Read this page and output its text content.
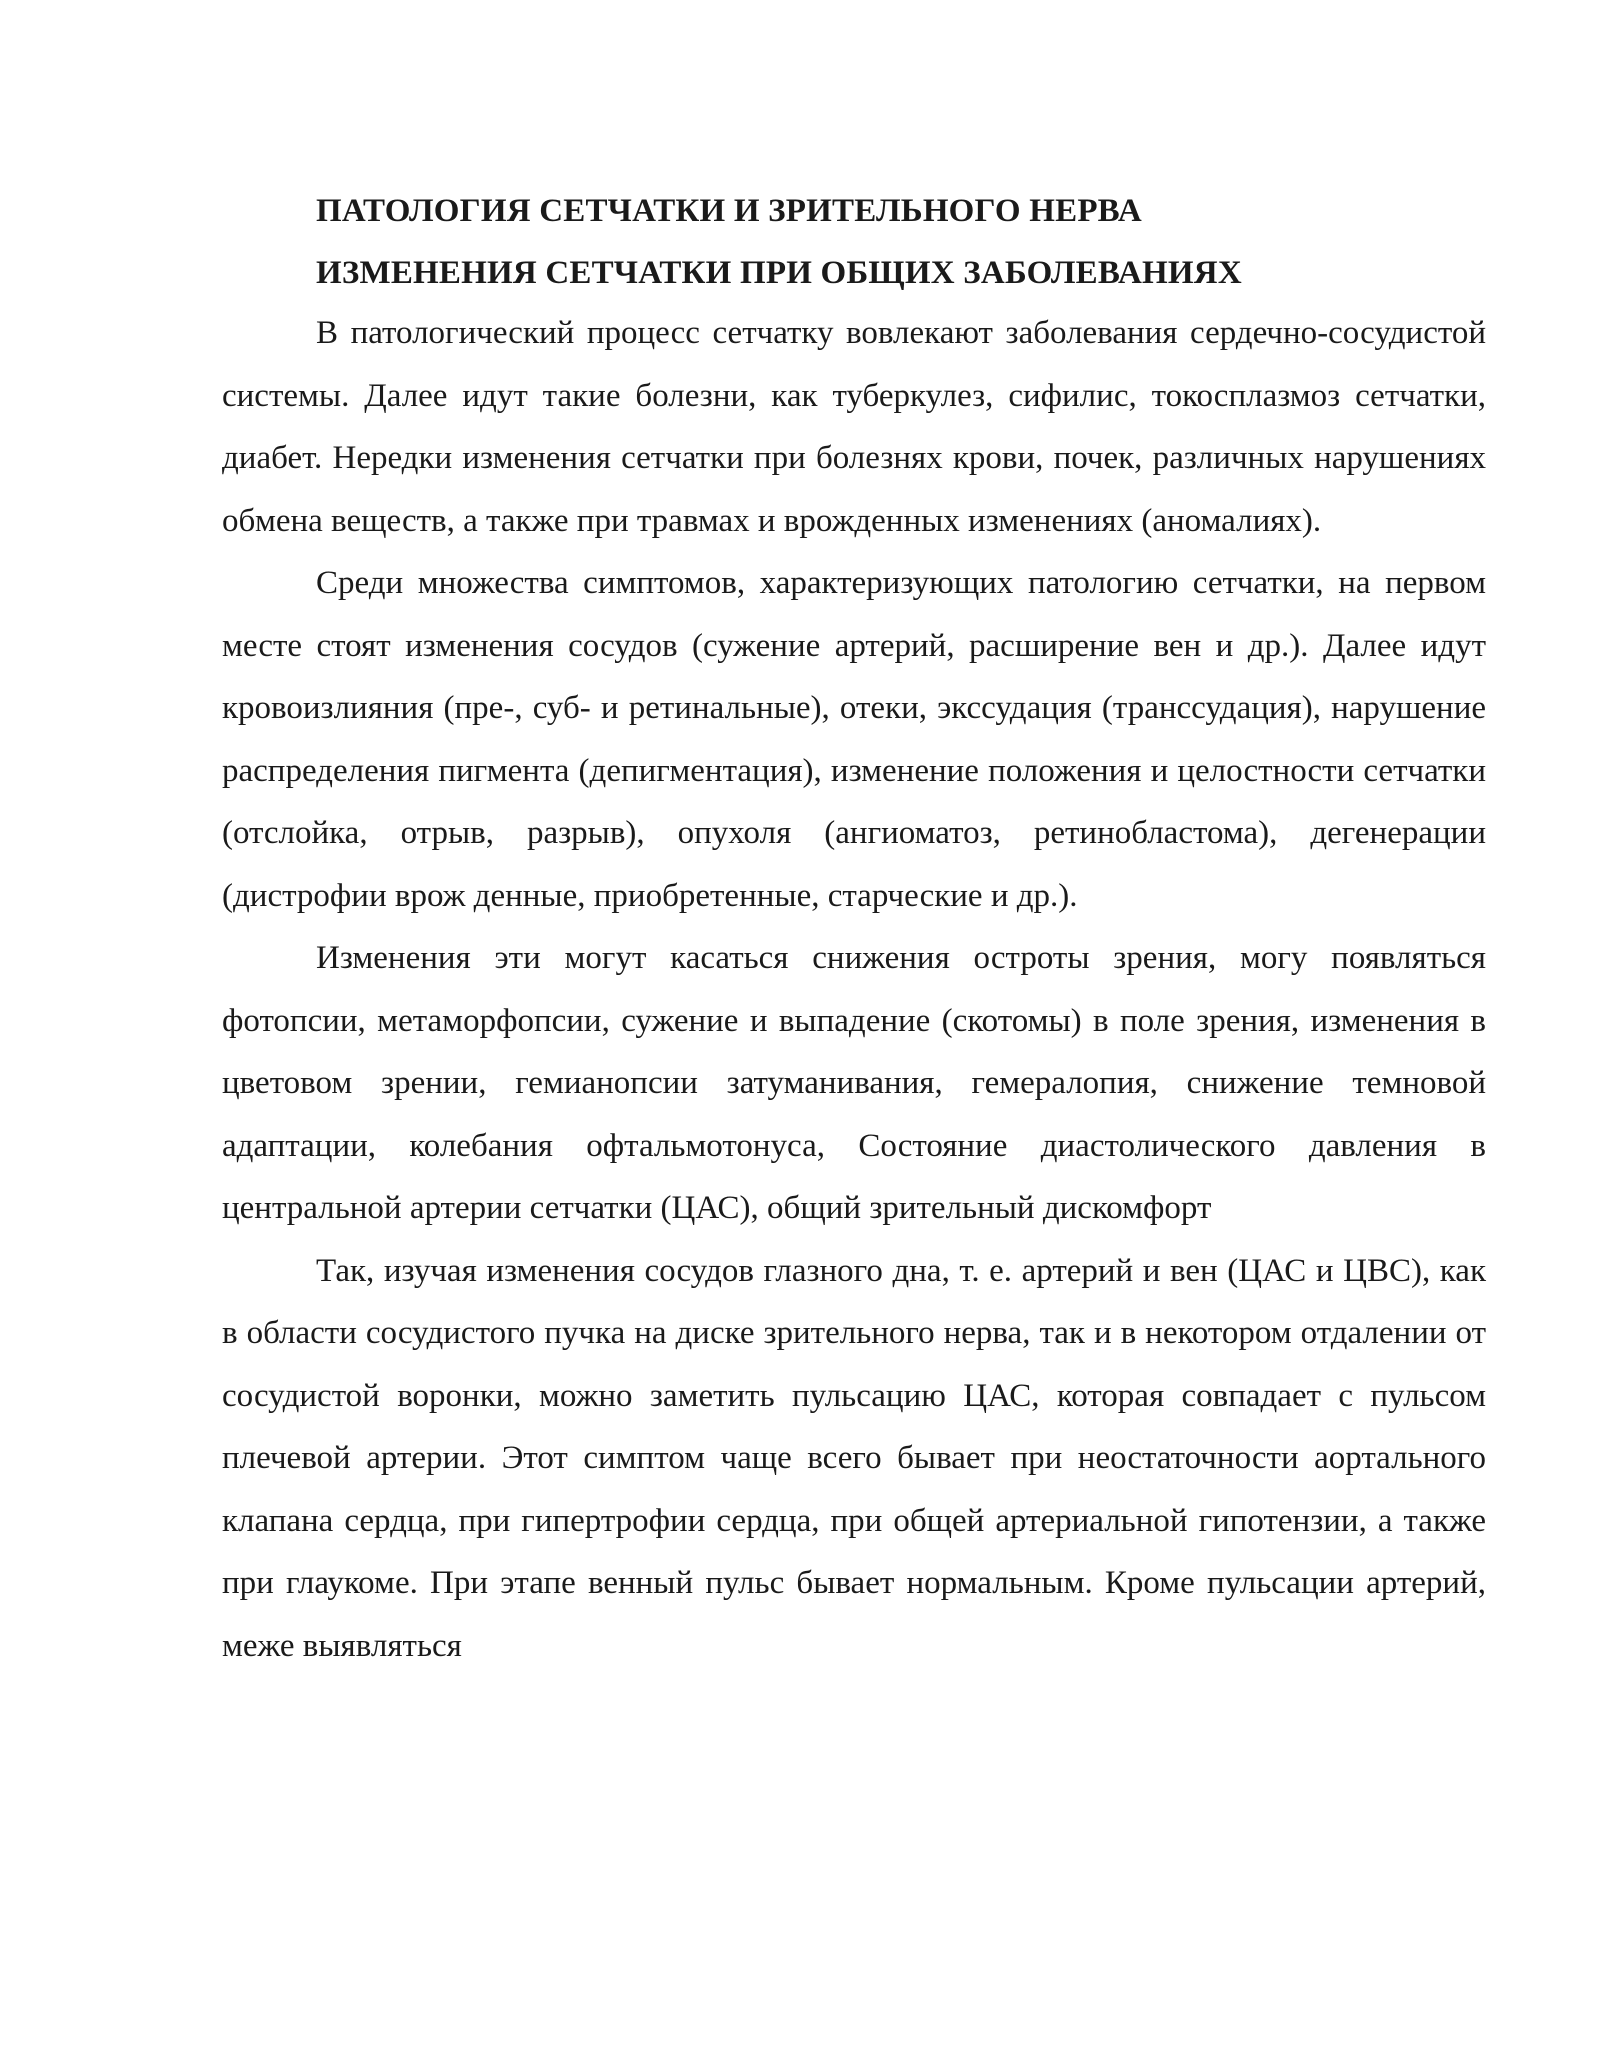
ПАТОЛОГИЯ СЕТЧАТКИ И ЗРИТЕЛЬНОГО НЕРВА
ИЗМЕНЕНИЯ СЕТЧАТКИ ПРИ ОБЩИХ ЗАБОЛЕВАНИЯХ

В патологический процесс сетчатку вовлекают заболевания сердечно-сосудистой системы. Далее идут такие болезни, как туберкулез, сифилис, токосплазмоз сетчатки, диабет. Нередки изменения сетчатки при болезнях крови, почек, различных нарушениях обмена веществ, а также при травмах и врожденных изменениях (аномалиях).

Среди множества симптомов, характеризующих патологию сетчатки, на первом месте стоят изменения сосудов (сужение артерий, расширение вен и др.). Далее идут кровоизлияния (пре-, суб- и ретинальные), отеки, экссудация (транссудация), нарушение распределения пигмента (депигментация), изменение положения и целостности сетчатки (отслойка, отрыв, разрыв), опухоля (ангиоматоз, ретинобластома), дегенерации (дистрофии врож денные, приобретенные, старческие и др.).

Изменения эти могут касаться снижения остроты зрения, могу появляться фотопсии, метаморфопсии, сужение и выпадение (скотомы) в поле зрения, изменения в цветовом зрении, гемианопсии затуманивания, гемералопия, снижение темновой адаптации, колебания офтальмотонуса, Состояние диастолического давления в центральной артерии сетчатки (ЦАС), общий зрительный дискомфорт

Так, изучая изменения сосудов глазного дна, т. е. артерий и вен (ЦАС и ЦВС), как в области сосудистого пучка на диске зрительного нерва, так и в некотором отдалении от сосудистой воронки, можно заметить пульсацию ЦАС, которая совпадает с пульсом плечевой артерии. Этот симптом чаще всего бывает при неостаточности аортального клапана сердца, при гипертрофии сердца, при общей артериальной гипотензии, а также при глаукоме. При этапе венный пульс бывает нормальным. Кроме пульсации артерий, меже выявляться
